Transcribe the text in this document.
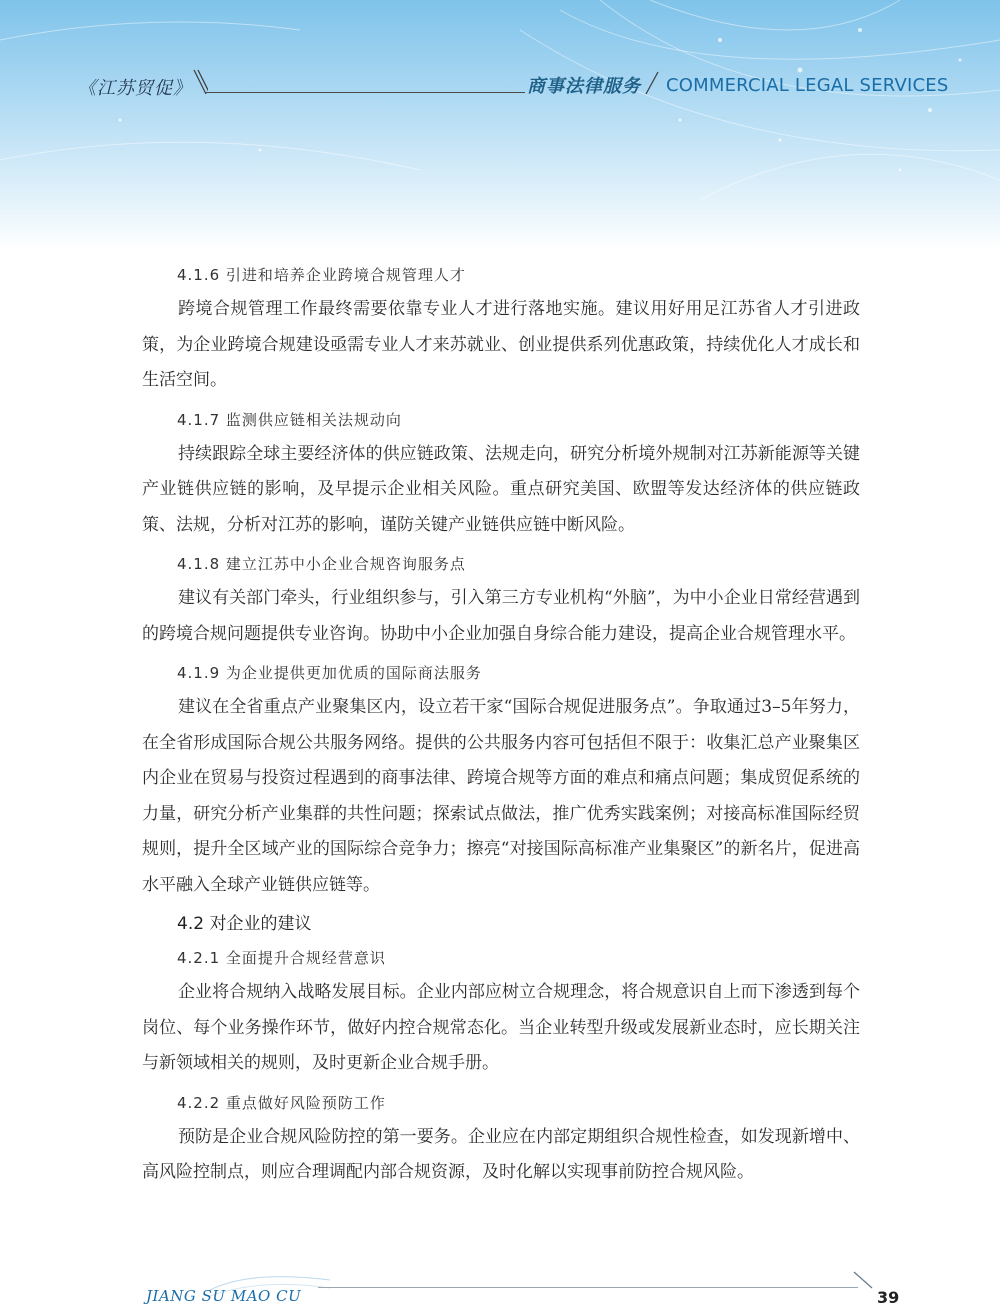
《江苏贸促》	商事法律服务 COMMERCIAL LEGAL SERVICES
4.1.6 引进和培养企业跨境合规管理人才

跨境合规管理工作最终需要依靠专业人才进行落地实施。建议用好用足江苏省人才引进政策，为企业跨境合规建设亟需专业人才来苏就业、创业提供系列优惠政策，持续优化人才成长和生活空间。

4.1.7 监测供应链相关法规动向

持续跟踪全球主要经济体的供应链政策、法规走向，研究分析境外规制对江苏新能源等关键产业链供应链的影响，及早提示企业相关风险。重点研究美国、欧盟等发达经济体的供应链政策、法规，分析对江苏的影响，谨防关键产业链供应链中断风险。

4.1.8 建立江苏中小企业合规咨询服务点

建议有关部门牵头，行业组织参与，引入第三方专业机构“外脑”，为中小企业日常经营遇到的跨境合规问题提供专业咨询。协助中小企业加强自身综合能力建设，提高企业合规管理水平。

4.1.9 为企业提供更加优质的国际商法服务

建议在全省重点产业聚集区内，设立若干家“国际合规促进服务点”。争取通过3–5年努力，在全省形成国际合规公共服务网络。提供的公共服务内容可包括但不限于：收集汇总产业聚集区内企业在贸易与投资过程遇到的商事法律、跨境合规等方面的难点和痛点问题；集成贸促系统的力量，研究分析产业集群的共性问题；探索试点做法，推广优秀实践案例；对接高标准国际经贸规则，提升全区域产业的国际综合竞争力；擦亮“对接国际高标准产业集聚区”的新名片，促进高水平融入全球产业链供应链等。

4.2 对企业的建议
4.2.1 全面提升合规经营意识

企业将合规纳入战略发展目标。企业内部应树立合规理念，将合规意识自上而下渗透到每个岗位、每个业务操作环节，做好内控合规常态化。当企业转型升级或发展新业态时，应长期关注与新领域相关的规则，及时更新企业合规手册。

4.2.2 重点做好风险预防工作

预防是企业合规风险防控的第一要务。企业应在内部定期组织合规性检查，如发现新增中、高风险控制点，则应合理调配内部合规资源，及时化解以实现事前防控合规风险。

JIANG SU MAO CU	39
